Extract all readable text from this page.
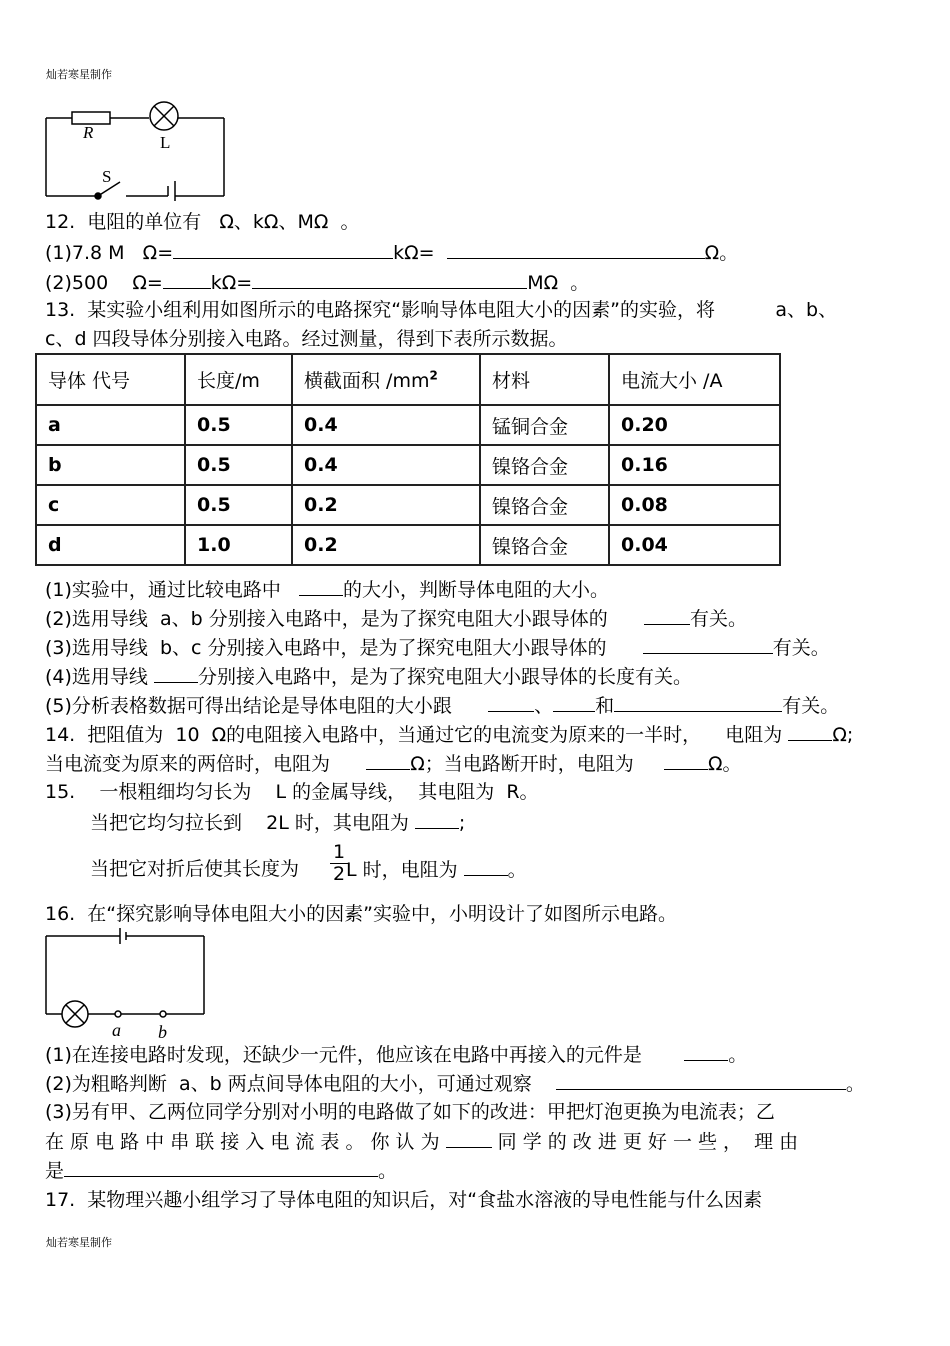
灿若寒星制作
R
L
S
12.  电阻的单位有   Ω、kΩ、MΩ  。
(1)7.8 M   Ω=	kΩ=	Ω。
(2)500    Ω=	kΩ=	MΩ  。
13.  某实验小组利用如图所示的电路探究“影响导体电阻大小的因素”的实验，将          a、b、
c、d 四段导体分别接入电路。经过测量，得到下表所示数据。
导体 代号	长度/m	横截面积 $/mm^2$	材料	电流大小 /A
a	0.5	0.4	锰铜合金	0.20
b	0.5	0.4	镍铬合金	0.16
c	0.5	0.2	镍铬合金	0.08
d	1.0	0.2	镍铬合金	0.04
(1)实验中，通过比较电路中   的大小，判断导体电阻的大小。
(2)选用导线  a、b 分别接入电路中，是为了探究电阻大小跟导体的      有关。
(3)选用导线  b、c 分别接入电路中，是为了探究电阻大小跟导体的	有关。
(4)选用导线 分别接入电路中，是为了探究电阻大小跟导体的长度有关。
(5)分析表格数据可得出结论是导体电阻的大小跟      、 和	有关。
14.  把阻值为  10  Ω的电阻接入电路中，当通过它的电流变为原来的一半时，    电阻为 Ω;
当电流变为原来的两倍时，电阻为      Ω；当电路断开时，电阻为     Ω。
15.    一根粗细均匀长为    L 的金属导线，  其电阻为  R。
当把它均匀拉长到    2L 时，其电阻为 ;
当把它对折后使其长度为
1
2 L 时，电阻为 。
16.  在“探究影响导体电阻大小的因素”实验中，小明设计了如图所示电路。
a b
(1)在连接电路时发现，还缺少一元件，他应该在电路中再接入的元件是       。
(2)为粗略判断  a、b 两点间导体电阻的大小，可通过观察	。
(3)另有甲、乙两位同学分别对小明的电路做了如下的改进：甲把灯泡更换为电流表；乙
在 原 电 路 中 串 联 接 入 电 流 表 。 你 认 为  同 学 的 改 进 更 好 一 些 ，  理 由
是	。
17.  某物理兴趣小组学习了导体电阻的知识后，对“食盐水溶液的导电性能与什么因素
灿若寒星制作
